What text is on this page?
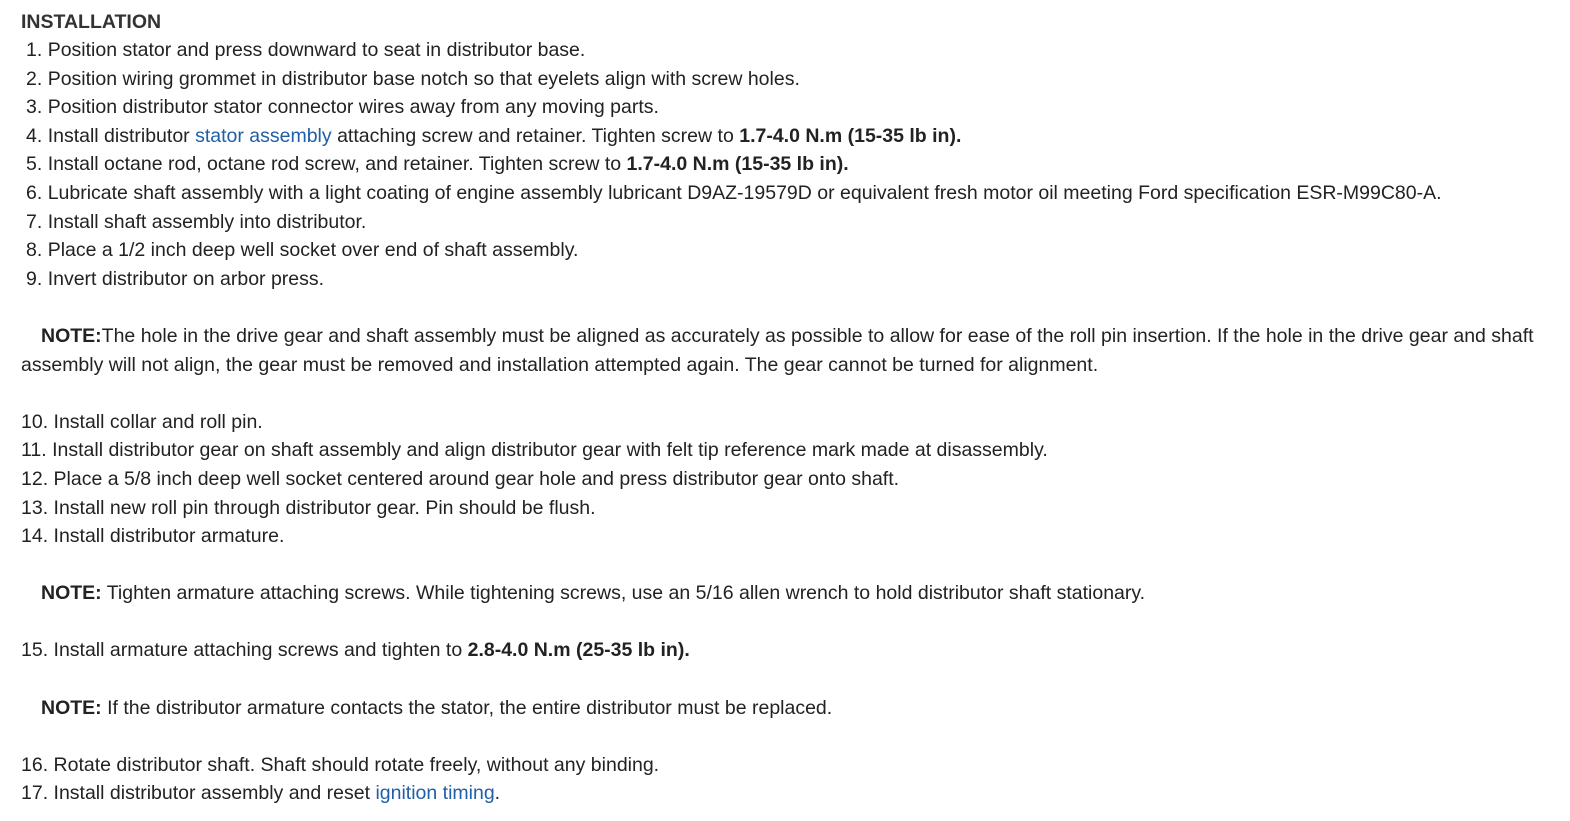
INSTALLATION
1. Position stator and press downward to seat in distributor base.
2. Position wiring grommet in distributor base notch so that eyelets align with screw holes.
3. Position distributor stator connector wires away from any moving parts.
4. Install distributor stator assembly attaching screw and retainer. Tighten screw to 1.7-4.0 N.m (15-35 lb in).
5. Install octane rod, octane rod screw, and retainer. Tighten screw to 1.7-4.0 N.m (15-35 lb in).
6. Lubricate shaft assembly with a light coating of engine assembly lubricant D9AZ-19579D or equivalent fresh motor oil meeting Ford specification ESR-M99C80-A.
7. Install shaft assembly into distributor.
8. Place a 1/2 inch deep well socket over end of shaft assembly.
9. Invert distributor on arbor press.
NOTE:The hole in the drive gear and shaft assembly must be aligned as accurately as possible to allow for ease of the roll pin insertion. If the hole in the drive gear and shaft assembly will not align, the gear must be removed and installation attempted again. The gear cannot be turned for alignment.
10. Install collar and roll pin.
11. Install distributor gear on shaft assembly and align distributor gear with felt tip reference mark made at disassembly.
12. Place a 5/8 inch deep well socket centered around gear hole and press distributor gear onto shaft.
13. Install new roll pin through distributor gear. Pin should be flush.
14. Install distributor armature.
NOTE: Tighten armature attaching screws. While tightening screws, use an 5/16 allen wrench to hold distributor shaft stationary.
15. Install armature attaching screws and tighten to 2.8-4.0 N.m (25-35 lb in).
NOTE: If the distributor armature contacts the stator, the entire distributor must be replaced.
16. Rotate distributor shaft. Shaft should rotate freely, without any binding.
17. Install distributor assembly and reset ignition timing.
